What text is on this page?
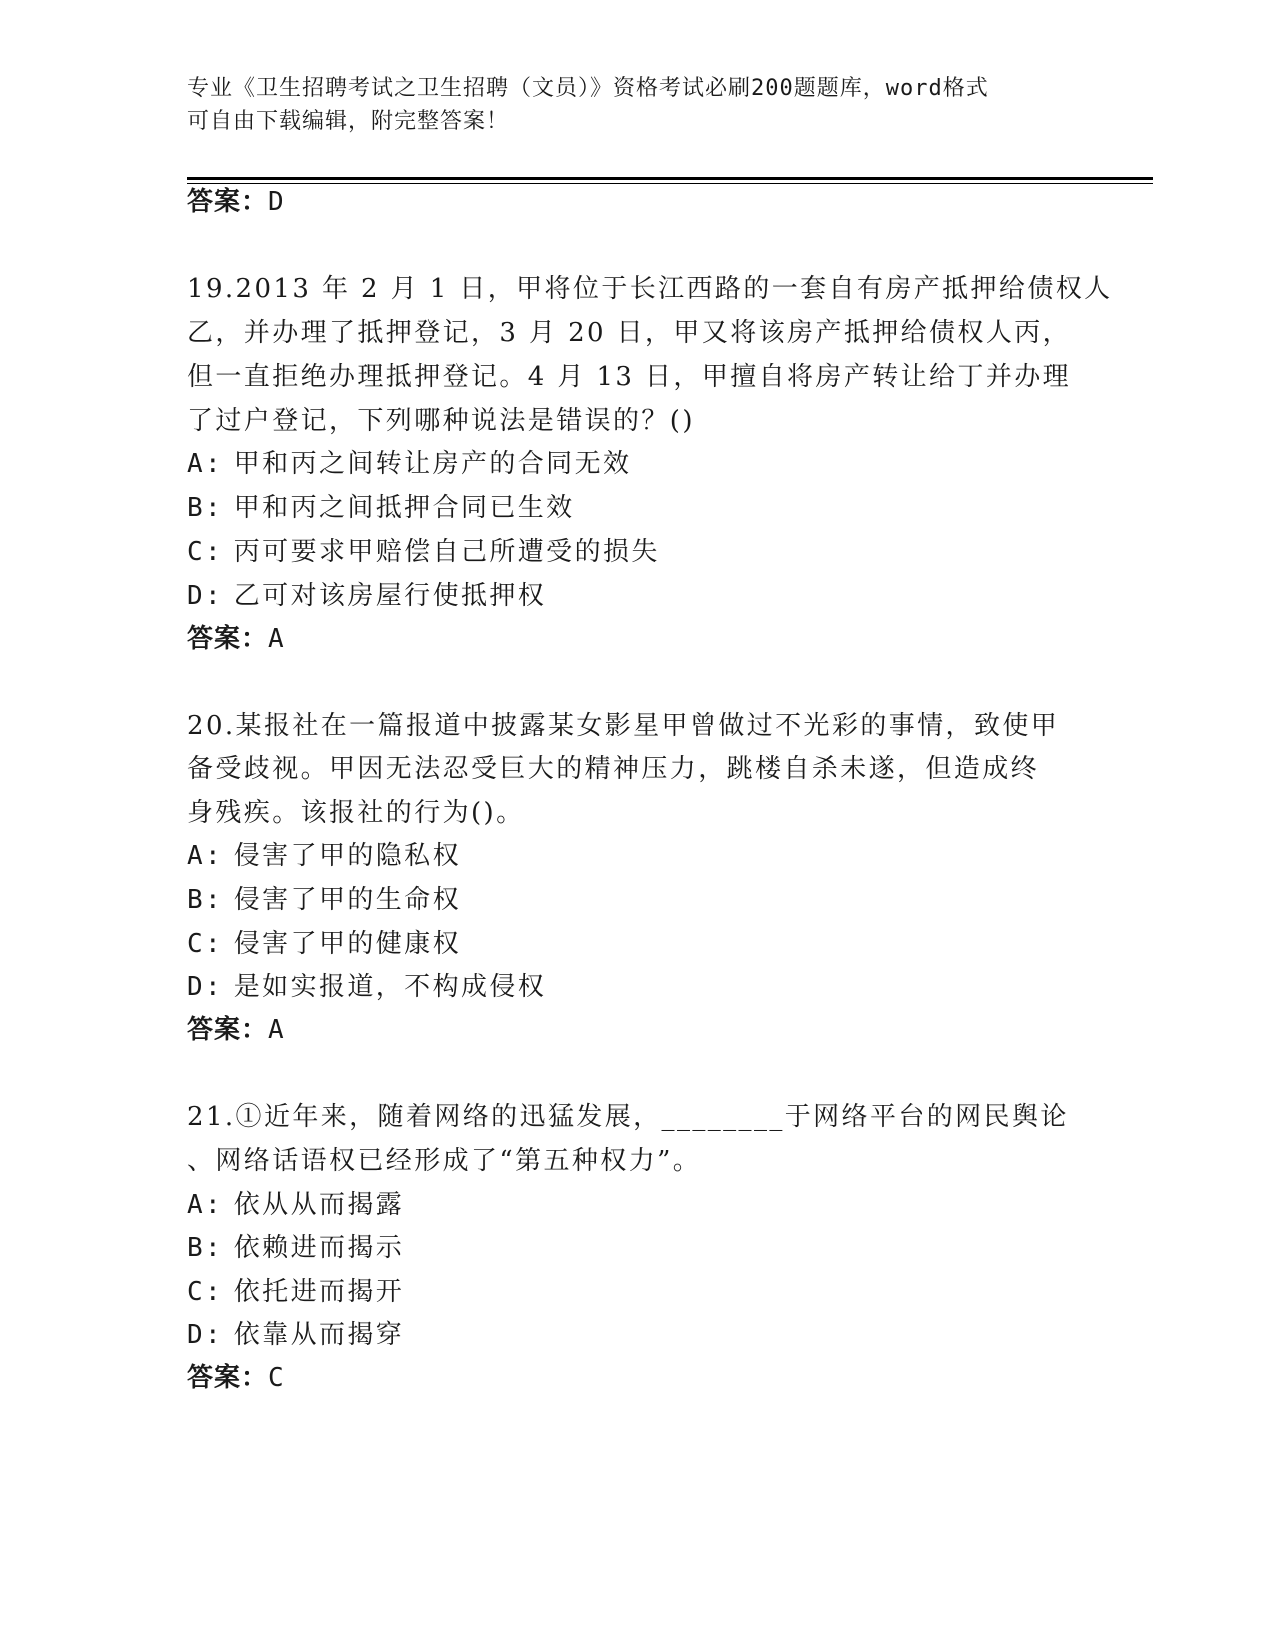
专业《卫生招聘考试之卫生招聘（文员）》资格考试必刷200题题库，word格式
可自由下载编辑，附完整答案！
答案：D
19.2013 年 2 月 1 日，甲将位于长江西路的一套自有房产抵押给债权人
乙，并办理了抵押登记，3 月 20 日，甲又将该房产抵押给债权人丙，
但一直拒绝办理抵押登记。4 月 13 日，甲擅自将房产转让给丁并办理
了过户登记，下列哪种说法是错误的？()
A: 甲和丙之间转让房产的合同无效
B: 甲和丙之间抵押合同已生效
C: 丙可要求甲赔偿自己所遭受的损失
D: 乙可对该房屋行使抵押权
答案：A
20.某报社在一篇报道中披露某女影星甲曾做过不光彩的事情，致使甲
备受歧视。甲因无法忍受巨大的精神压力，跳楼自杀未遂，但造成终
身残疾。该报社的行为()。
A: 侵害了甲的隐私权
B: 侵害了甲的生命权
C: 侵害了甲的健康权
D: 是如实报道，不构成侵权
答案：A
21.①近年来，随着网络的迅猛发展，________于网络平台的网民舆论
、网络话语权已经形成了“第五种权力”。
A: 依从从而揭露
B: 依赖进而揭示
C: 依托进而揭开
D: 依靠从而揭穿
答案：C
